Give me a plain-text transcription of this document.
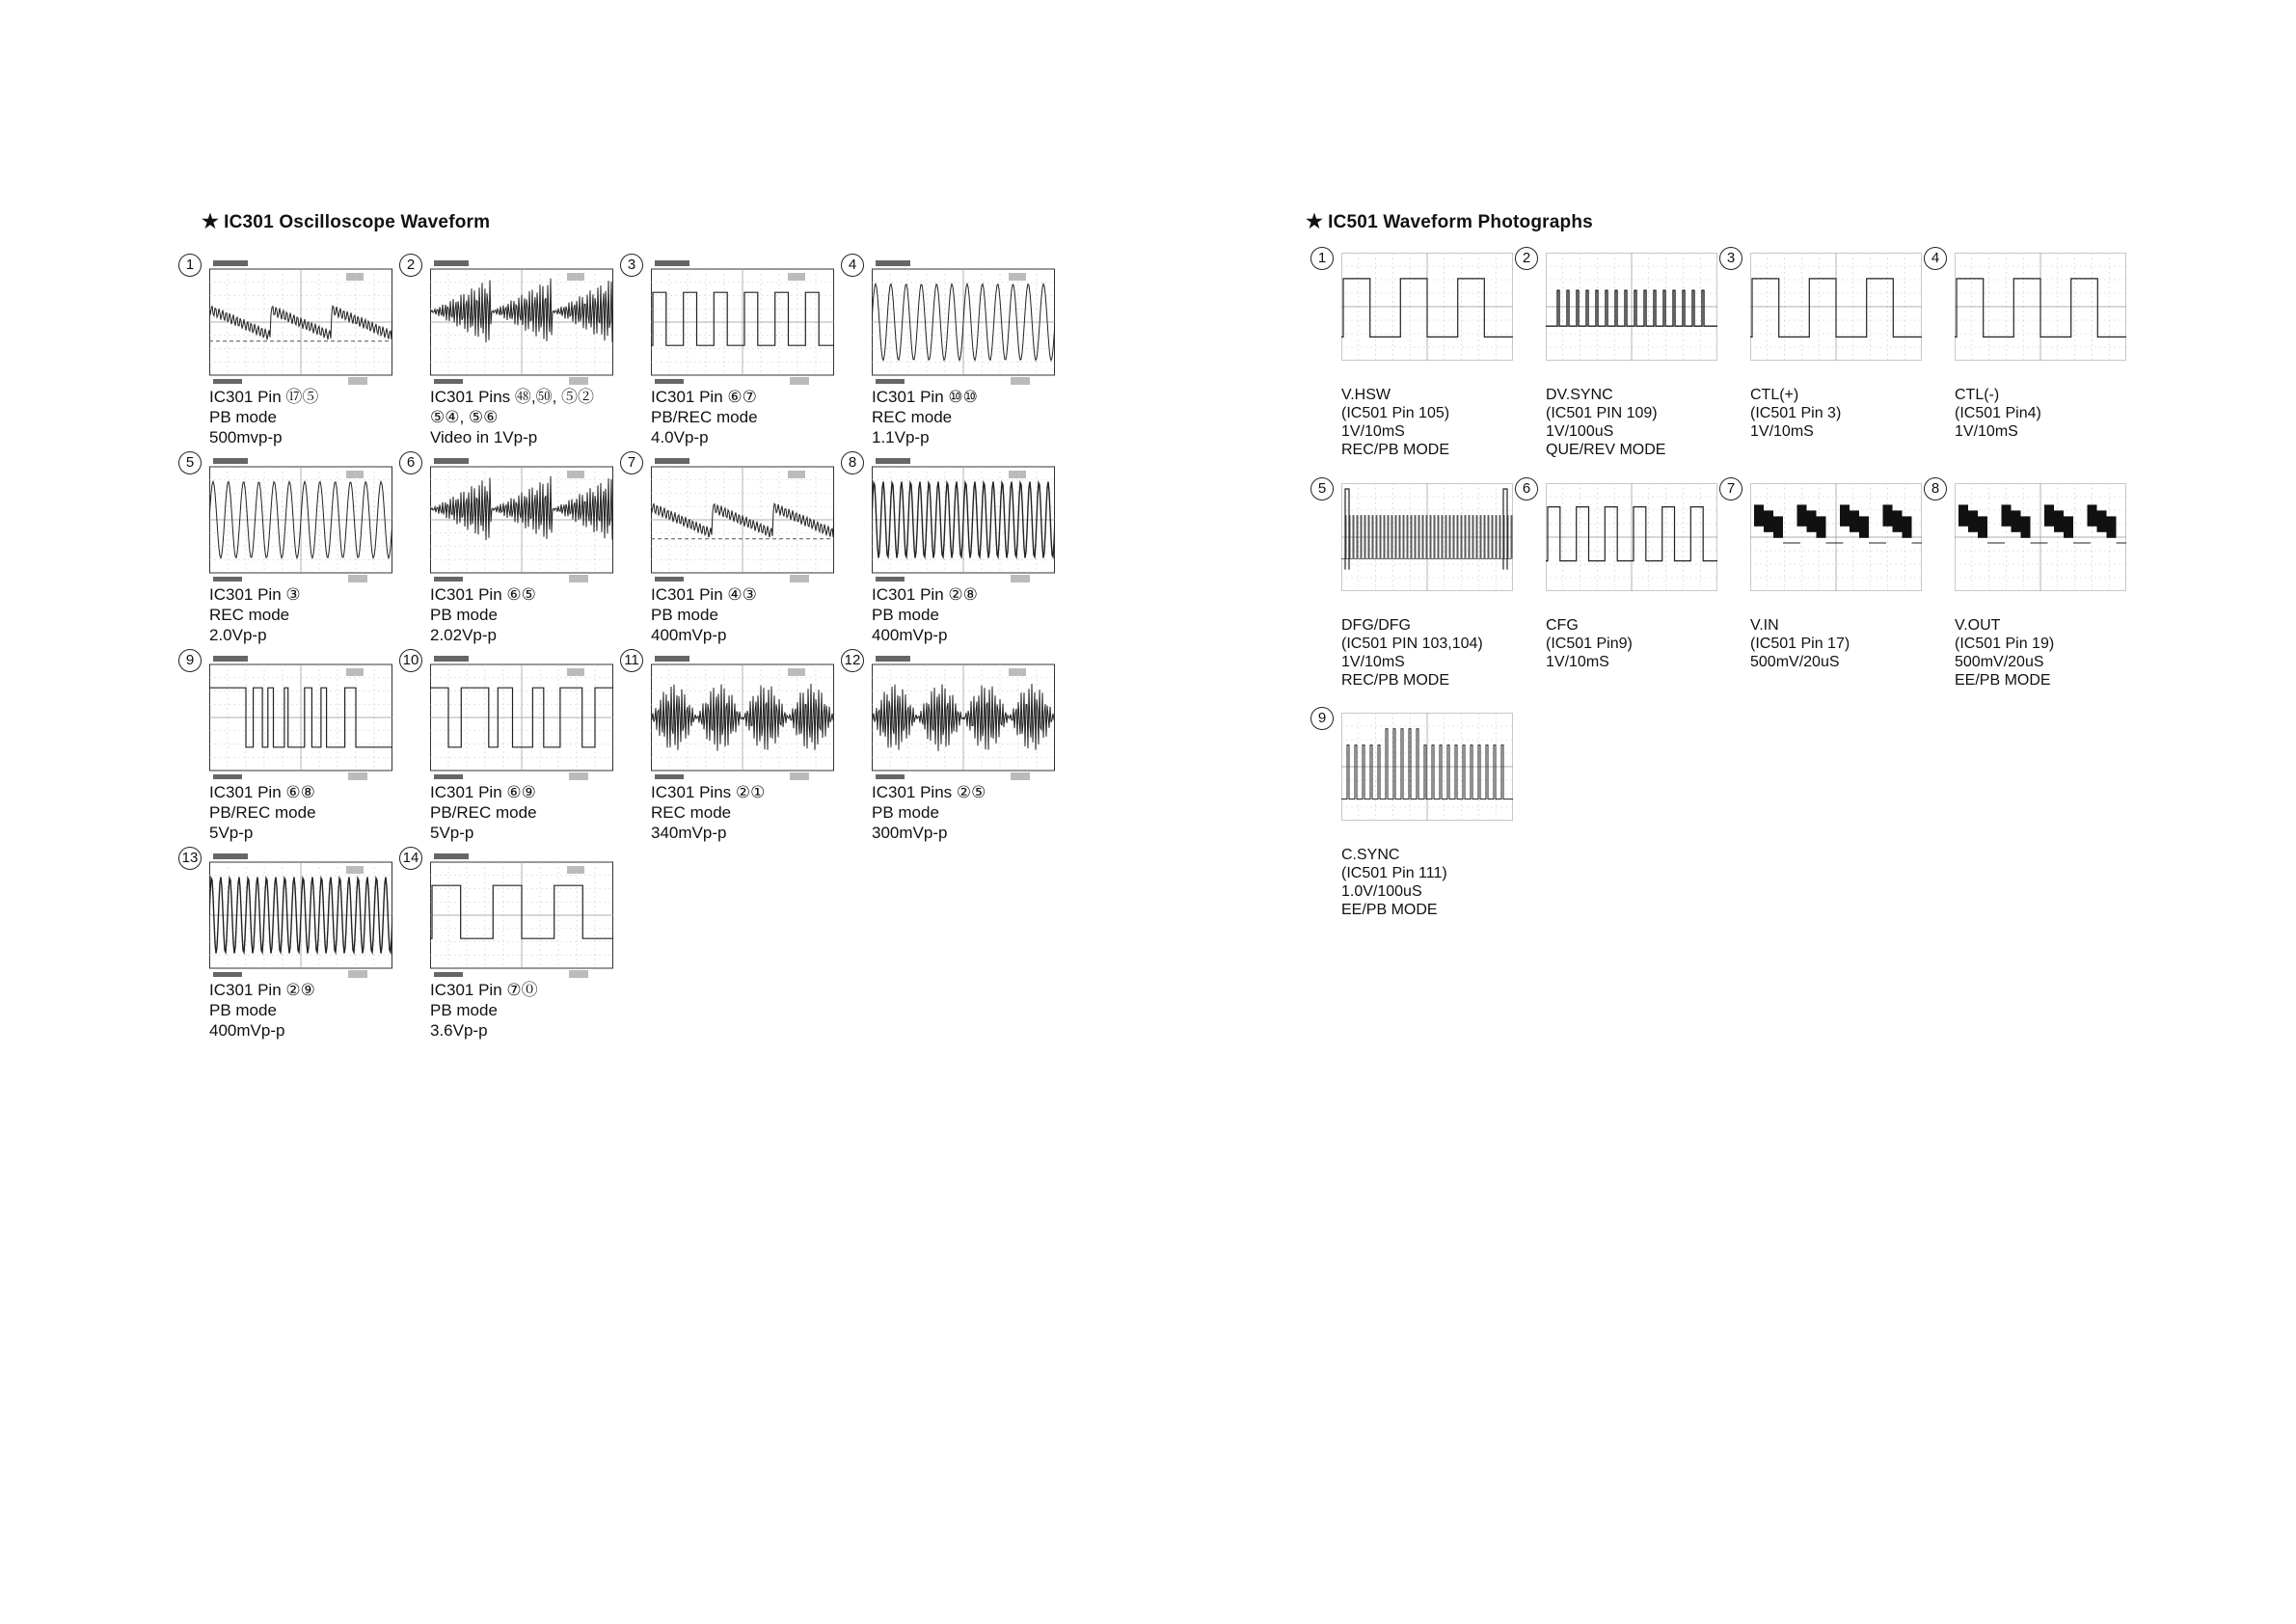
★ IC301 Oscilloscope Waveform	★ IC501 Waveform Photographs
1
IC301 Pin ⑰⑤
PB mode
500mvp-p
2
IC301 Pins ㊽,㊿, ⑤②
⑤④, ⑤⑥
Video in 1Vp-p
3
IC301 Pin ⑥⑦
PB/REC mode
4.0Vp-p
4
IC301 Pin ⑩⑩
REC mode
1.1Vp-p
5
IC301 Pin ③
REC mode
2.0Vp-p
6
IC301 Pin ⑥⑤
PB mode
2.02Vp-p
7
IC301 Pin ④③
PB mode
400mVp-p
8
IC301 Pin ②⑧
PB mode
400mVp-p
9
IC301 Pin ⑥⑧
PB/REC mode
5Vp-p
10
IC301 Pin ⑥⑨
PB/REC mode
5Vp-p
11
IC301 Pins ②①
REC mode
340mVp-p
12
IC301 Pins ②⑤
PB mode
300mVp-p
13
IC301 Pin ②⑨
PB mode
400mVp-p
14
IC301 Pin ⑦⓪
PB mode
3.6Vp-p
1
V.HSW
(IC501 Pin 105)
1V/10mS
REC/PB MODE
2
DV.SYNC
(IC501 PIN 109)
1V/100uS
QUE/REV MODE
3
CTL(+)
(IC501 Pin 3)
1V/10mS
4
CTL(-)
(IC501 Pin4)
1V/10mS
5
DFG/DFG
(IC501 PIN 103,104)
1V/10mS
REC/PB MODE
6
CFG
(IC501 Pin9)
1V/10mS
7
V.IN
(IC501 Pin 17)
500mV/20uS
8
V.OUT
(IC501 Pin 19)
500mV/20uS
EE/PB MODE
9
C.SYNC
(IC501 Pin 111)
1.0V/100uS
EE/PB MODE
